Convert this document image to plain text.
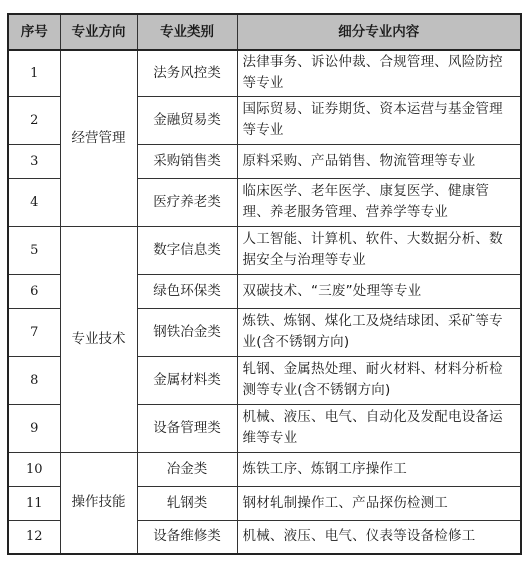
序号	专业方向	专业类别	细分专业内容
1	经营管理	法务风控类	法律事务、诉讼仲裁、合规管理、风险防控等专业
2		金融贸易类	国际贸易、证券期货、资本运营与基金管理等专业
3		采购销售类	原料采购、产品销售、物流管理等专业
4		医疗养老类	临床医学、老年医学、康复医学、健康管理、养老服务管理、营养学等专业
5	专业技术	数字信息类	人工智能、计算机、软件、大数据分析、数据安全与治理等专业
6		绿色环保类	双碳技术、“三废”处理等专业
7		钢铁冶金类	炼铁、炼钢、煤化工及烧结球团、采矿等专业(含不锈钢方向)
8		金属材料类	轧钢、金属热处理、耐火材料、材料分析检测等专业(含不锈钢方向)
9		设备管理类	机械、液压、电气、自动化及发配电设备运维等专业
10	操作技能	冶金类	炼铁工序、炼钢工序操作工
11		轧钢类	钢材轧制操作工、产品探伤检测工
12		设备维修类	机械、液压、电气、仪表等设备检修工
